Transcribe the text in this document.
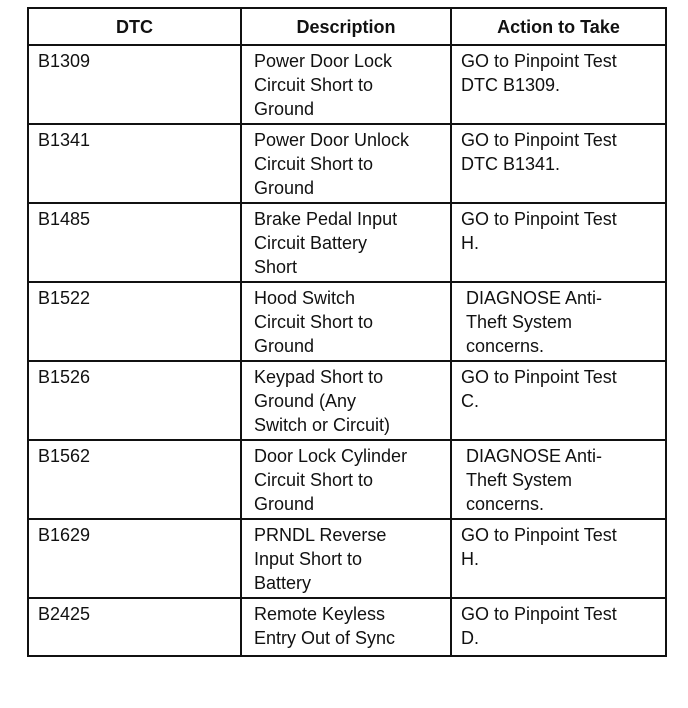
DTC	Description	Action to Take
B1309	Power Door Lock
Circuit Short to
Ground	GO to Pinpoint Test
DTC B1309.

B1341	Power Door Unlock
Circuit Short to
Ground	GO to Pinpoint Test
DTC B1341.

B1485	Brake Pedal Input
Circuit Battery
Short	GO to Pinpoint Test
H.

B1522	Hood Switch
Circuit Short to
Ground	DIAGNOSE Anti-
Theft System
concerns.

B1526	Keypad Short to
Ground (Any
Switch or Circuit)	GO to Pinpoint Test
C.

B1562	Door Lock Cylinder
Circuit Short to
Ground	DIAGNOSE Anti-
Theft System
concerns.

B1629	PRNDL Reverse
Input Short to
Battery	GO to Pinpoint Test
H.

B2425	Remote Keyless
Entry Out of Sync	GO to Pinpoint Test
D.
